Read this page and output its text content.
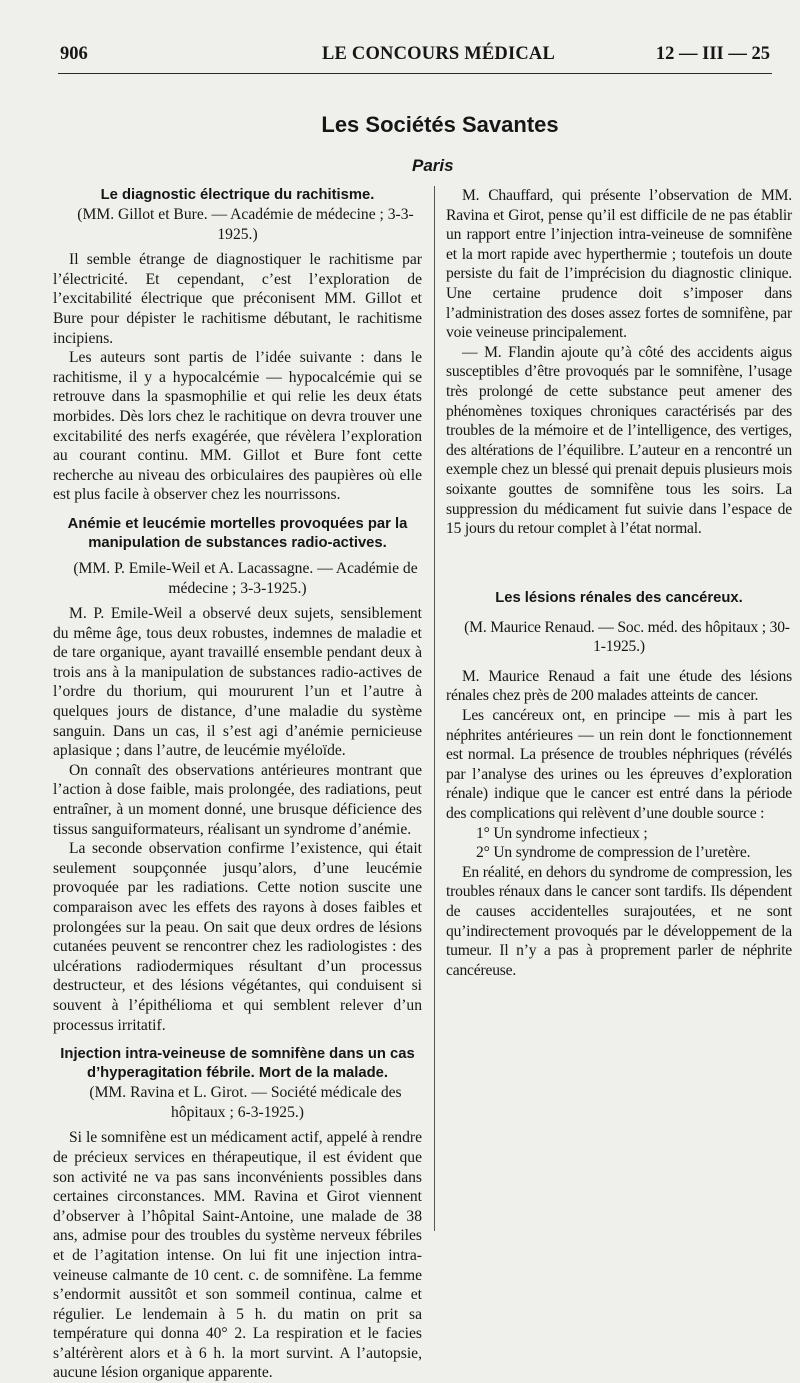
906	LE CONCOURS MÉDICAL	12 — III — 25
Les Sociétés Savantes
Paris
Le diagnostic électrique du rachitisme.

(MM. Gillot et Bure. — Académie de médecine ; 3-3-1925.)

Il semble étrange de diagnostiquer le rachitisme par l’électricité. Et cependant, c’est l’exploration de l’excitabilité électrique que préconisent MM. Gillot et Bure pour dépister le rachitisme débutant, le rachitisme incipiens.

Les auteurs sont partis de l’idée suivante : dans le rachitisme, il y a hypocalcémie — hypocalcémie qui se retrouve dans la spasmophilie et qui relie les deux états morbides. Dès lors chez le rachitique on devra trouver une excitabilité des nerfs exagérée, que révèlera l’exploration au courant continu. MM. Gillot et Bure font cette recherche au niveau des orbiculaires des paupières où elle est plus facile à observer chez les nourrissons.

Anémie et leucémie mortelles provoquées par la manipulation de substances radio-actives.

(MM. P. Emile-Weil et A. Lacassagne. — Académie de médecine ; 3-3-1925.)

M. P. Emile-Weil a observé deux sujets, sensiblement du même âge, tous deux robustes, indemnes de maladie et de tare organique, ayant travaillé ensemble pendant deux à trois ans à la manipulation de substances radio-actives de l’ordre du thorium, qui moururent l’un et l’autre à quelques jours de distance, d’une maladie du système sanguin. Dans un cas, il s’est agi d’anémie pernicieuse aplasique ; dans l’autre, de leucémie myéloïde.

On connaît des observations antérieures montrant que l’action à dose faible, mais prolongée, des radiations, peut entraîner, à un moment donné, une brusque déficience des tissus sanguiformateurs, réalisant un syndrome d’anémie.

La seconde observation confirme l’existence, qui était seulement soupçonnée jusqu’alors, d’une leucémie provoquée par les radiations. Cette notion suscite une comparaison avec les effets des rayons à doses faibles et prolongées sur la peau. On sait que deux ordres de lésions cutanées peuvent se rencontrer chez les radiologistes : des ulcérations radiodermiques résultant d’un processus destructeur, et des lésions végétantes, qui conduisent si souvent à l’épithélioma et qui semblent relever d’un processus irritatif.

Injection intra-veineuse de somnifène dans un cas d’hyperagitation fébrile. Mort de la malade.

(MM. Ravina et L. Girot. — Société médicale des hôpitaux ; 6-3-1925.)

Si le somnifène est un médicament actif, appelé à rendre de précieux services en thérapeutique, il est évident que son activité ne va pas sans inconvénients possibles dans certaines circonstances. MM. Ravina et Girot viennent d’observer à l’hôpital Saint-Antoine, une malade de 38 ans, admise pour des troubles du système nerveux fébriles et de l’agitation intense. On lui fit une injection intra-veineuse calmante de 10 cent. c. de somnifène. La femme s’endormit aussitôt et son sommeil continua, calme et régulier. Le lendemain à 5 h. du matin on prit sa température qui donna 40° 2. La respiration et le facies s’altérèrent alors et à 6 h. la mort survint. A l’autopsie, aucune lésion organique apparente.

M. Chauffard, qui présente l’observation de MM. Ravina et Girot, pense qu’il est difficile de ne pas établir un rapport entre l’injection intra-veineuse de somnifène et la mort rapide avec hyperthermie ; toutefois un doute persiste du fait de l’imprécision du diagnostic clinique. Une certaine prudence doit s’imposer dans l’administration des doses assez fortes de somnifène, par voie veineuse principalement.

— M. Flandin ajoute qu’à côté des accidents aigus susceptibles d’être provoqués par le somnifène, l’usage très prolongé de cette substance peut amener des phénomènes toxiques chroniques caractérisés par des troubles de la mémoire et de l’intelligence, des vertiges, des altérations de l’équilibre. L’auteur en a rencontré un exemple chez un blessé qui prenait depuis plusieurs mois soixante gouttes de somnifène tous les soirs. La suppression du médicament fut suivie dans l’espace de 15 jours du retour complet à l’état normal.

Les lésions rénales des cancéreux.

(M. Maurice Renaud. — Soc. méd. des hôpitaux ; 30-1-1925.)

M. Maurice Renaud a fait une étude des lésions rénales chez près de 200 malades atteints de cancer.

Les cancéreux ont, en principe — mis à part les néphrites antérieures — un rein dont le fonctionnement est normal. La présence de troubles néphriques (révélés par l’analyse des urines ou les épreuves d’exploration rénale) indique que le cancer est entré dans la période des complications qui relèvent d’une double source :

1° Un syndrome infectieux ;

2° Un syndrome de compression de l’uretère.

En réalité, en dehors du syndrome de compression, les troubles rénaux dans le cancer sont tardifs. Ils dépendent de causes accidentelles surajoutées, et ne sont qu’indirectement provoqués par le développement de la tumeur. Il n’y a pas à proprement parler de néphrite cancéreuse.
